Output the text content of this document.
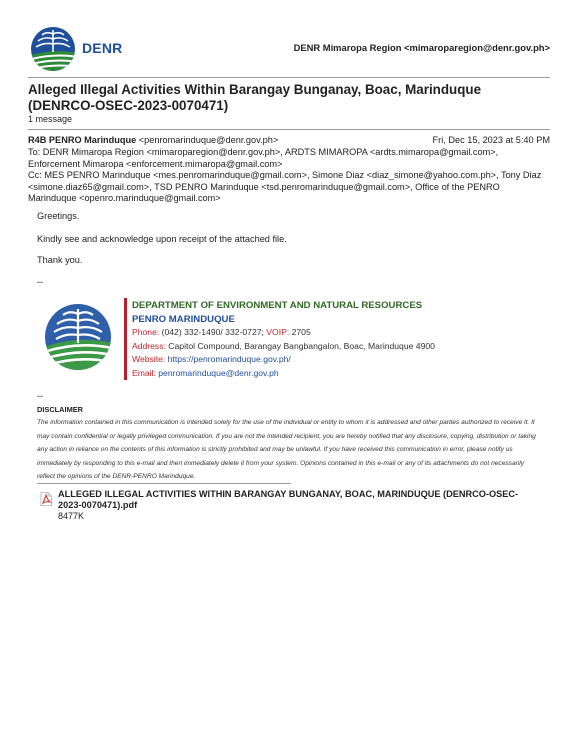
DENR	DENR Mimaropa Region <mimaroparegion@denr.gov.ph>
Alleged Illegal Activities Within Barangay Bunganay, Boac, Marinduque (DENRCO-OSEC-2023-0070471)
1 message
R4B PENRO Marinduque <penromarinduque@denr.gov.ph>	Fri, Dec 15, 2023 at 5:40 PM

To: DENR Mimaropa Region <mimaroparegion@denr.gov.ph>, ARDTS MIMAROPA <ardts.mimaropa@gmail.com>, Enforcement Mimaropa <enforcement.mimaropa@gmail.com>

Cc: MES PENRO Marinduque <mes.penromarinduque@gmail.com>, Simone Diaz <diaz_simone@yahoo.com.ph>, Tony Diaz <simone.diaz65@gmail.com>, TSD PENRO Marinduque <tsd.penromarinduque@gmail.com>, Office of the PENRO Marinduque <openro.marinduque@gmail.com>

Greetings.

Kindly see and acknowledge upon receipt of the attached file.

Thank you.

--

DEPARTMENT OF ENVIRONMENT AND NATURAL RESOURCES
PENRO MARINDUQUE
Phone: (042) 332-1490/ 332-0727; VOIP: 2705
Address: Capitol Compound, Barangay Bangbangalon, Boac, Marinduque 4900
Website: https://penromarinduque.gov.ph/
Email: penromarinduque@denr.gov.ph
--
DISCLAIMER
The information contained in this communication is intended solely for the use of the individual or entity to whom it is addressed and other parties authorized to receive it. It may contain confidential or legally privileged communication. If you are not the intended recipient, you are hereby notified that any disclosure, copying, distribution or taking any action in reliance on the contents of this information is strictly prohibited and may be unlawful. If you have received this communication in error, please notify us immediately by responding to this e-mail and then immediately delete it from your system. Opinions contained in this e-mail or any of its attachments do not necessarily reflect the opinions of the DENR-PENRO Marinduque.
ALLEGED ILLEGAL ACTIVITIES WITHIN BARANGAY BUNGANAY, BOAC, MARINDUQUE (DENRCO-OSEC-2023-0070471).pdf
8477K
